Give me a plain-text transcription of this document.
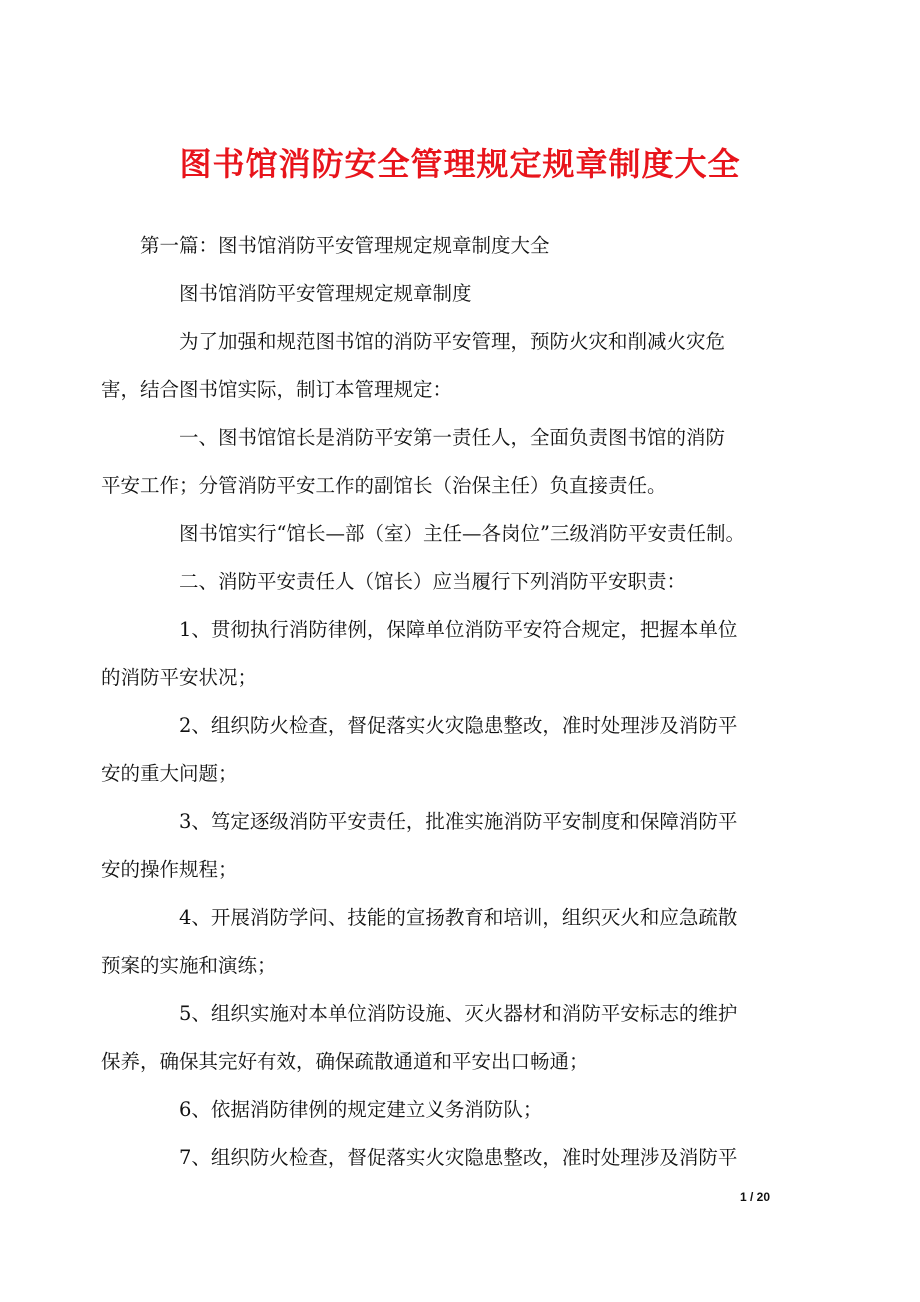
图书馆消防安全管理规定规章制度大全

第一篇：图书馆消防平安管理规定规章制度大全

图书馆消防平安管理规定规章制度

为了加强和规范图书馆的消防平安管理，预防火灾和削减火灾危
害，结合图书馆实际，制订本管理规定：

一、图书馆馆长是消防平安第一责任人，全面负责图书馆的消防
平安工作；分管消防平安工作的副馆长（治保主任）负直接责任。

图书馆实行“馆长—部（室）主任—各岗位”三级消防平安责任制。

二、消防平安责任人（馆长）应当履行下列消防平安职责：

1、贯彻执行消防律例，保障单位消防平安符合规定，把握本单位
的消防平安状况；

2、组织防火检查，督促落实火灾隐患整改，准时处理涉及消防平
安的重大问题；

3、笃定逐级消防平安责任，批准实施消防平安制度和保障消防平
安的操作规程；

4、开展消防学问、技能的宣扬教育和培训，组织灭火和应急疏散
预案的实施和演练；

5、组织实施对本单位消防设施、灭火器材和消防平安标志的维护
保养，确保其完好有效，确保疏散通道和平安出口畅通；

6、依据消防律例的规定建立义务消防队；

7、组织防火检查，督促落实火灾隐患整改，准时处理涉及消防平

1 / 20
